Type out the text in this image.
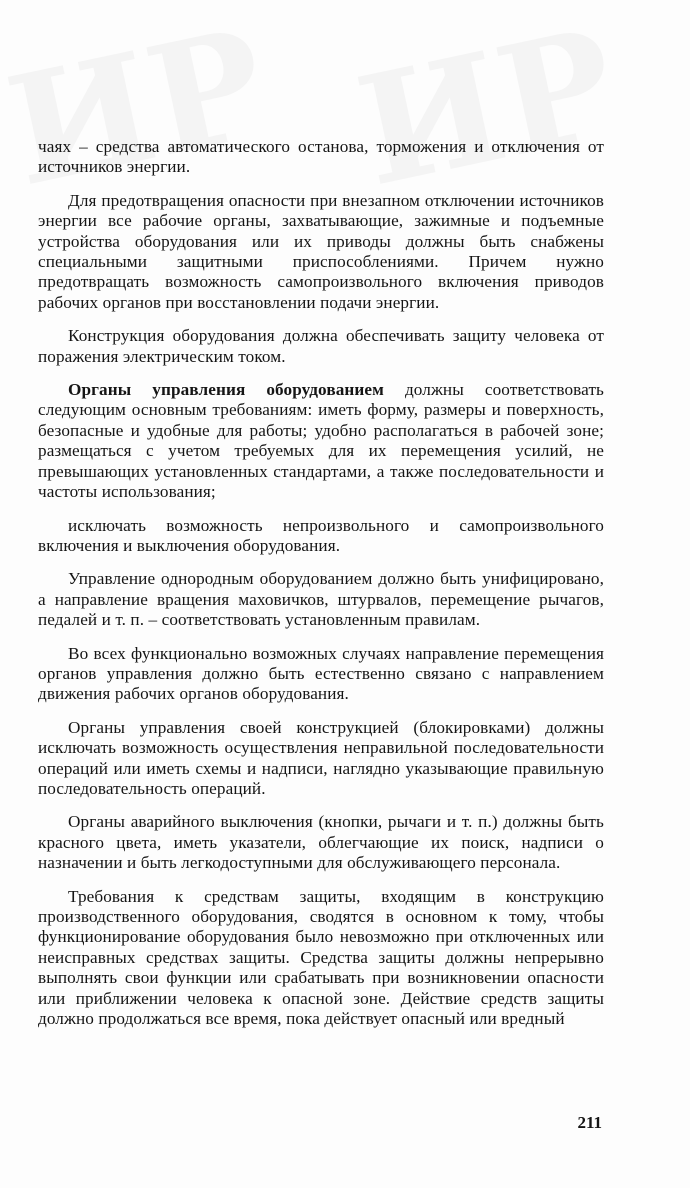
чаях – средства автоматического останова, торможения и отключения от источников энергии.

Для предотвращения опасности при внезапном отключении источников энергии все рабочие органы, захватывающие, зажимные и подъемные устройства оборудования или их приводы должны быть снабжены специальными защитными приспособлениями. Причем нужно предотвращать возможность самопроизвольного включения приводов рабочих органов при восстановлении подачи энергии.

Конструкция оборудования должна обеспечивать защиту человека от поражения электрическим током.

Органы управления оборудованием должны соответствовать следующим основным требованиям: иметь форму, размеры и поверхность, безопасные и удобные для работы; удобно располагаться в рабочей зоне; размещаться с учетом требуемых для их перемещения усилий, не превышающих установленных стандартами, а также последовательности и частоты использования;

исключать возможность непроизвольного и самопроизвольного включения и выключения оборудования.

Управление однородным оборудованием должно быть унифицировано, а направление вращения маховичков, штурвалов, перемещение рычагов, педалей и т. п. – соответствовать установленным правилам.

Во всех функционально возможных случаях направление перемещения органов управления должно быть естественно связано с направлением движения рабочих органов оборудования.

Органы управления своей конструкцией (блокировками) должны исключать возможность осуществления неправильной последовательности операций или иметь схемы и надписи, наглядно указывающие правильную последовательность операций.

Органы аварийного выключения (кнопки, рычаги и т. п.) должны быть красного цвета, иметь указатели, облегчающие их поиск, надписи о назначении и быть легкодоступными для обслуживающего персонала.

Требования к средствам защиты, входящим в конструкцию производственного оборудования, сводятся в основном к тому, чтобы функционирование оборудования было невозможно при отключенных или неисправных средствах защиты. Средства защиты должны непрерывно выполнять свои функции или срабатывать при возникновении опасности или приближении человека к опасной зоне. Действие средств защиты должно продолжаться все время, пока действует опасный или вредный

211
